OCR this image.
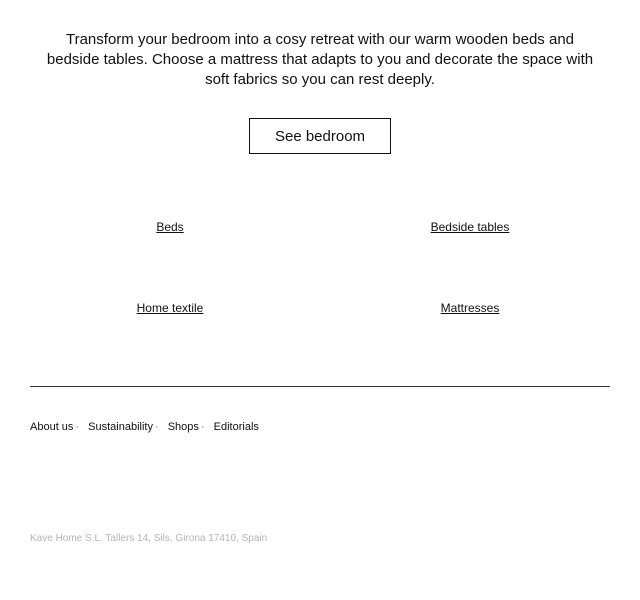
Transform your bedroom into a cosy retreat with our warm wooden beds and bedside tables. Choose a mattress that adapts to you and decorate the space with soft fabrics so you can rest deeply.

See bedroom
Beds	Bedside tables
Home textile	Mattresses
About us · Sustainability · Shops · Editorials
Kave Home S.L. Tallers 14, Sils, Girona 17410, Spain
